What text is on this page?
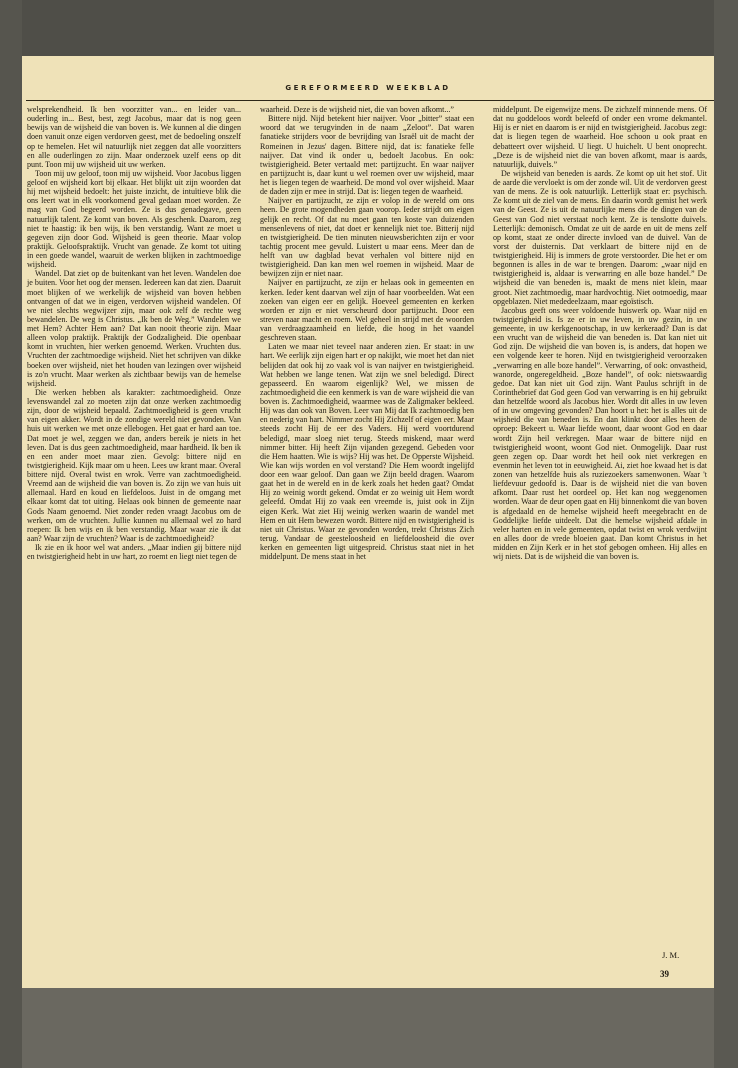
GEREFORMEERD WEEKBLAD

welsprekendheid. Ik ben voorzitter van... en leider van... ouderling in... Best, best, zegt Jacobus, maar dat is nog geen bewijs van de wijsheid die van boven is. We kunnen al die dingen doen vanuit onze eigen verdorven geest, met de bedoeling onszelf op te hemelen. Het wil natuurlijk niet zeggen dat alle voorzitters en alle ouderlingen zo zijn. Maar onderzoek uzelf eens op dit punt. Toon mij uw wijsheid uit uw werken.

Toon mij uw geloof, toon mij uw wijsheid. Voor Jacobus liggen geloof en wijsheid kort bij elkaar. Het blijkt uit zijn woorden dat hij met wijsheid bedoelt: het juiste inzicht, de intuïtieve blik die ons leert wat in elk voorkomend geval gedaan moet worden. Ze mag van God begeerd worden. Ze is dus genadegave, geen natuurlijk talent. Ze komt van boven. Als geschenk. Daarom, zeg niet te haastig: ik ben wijs, ik ben verstandig. Want ze moet u gegeven zijn door God. Wijsheid is geen theorie. Maar volop praktijk. Geloofspraktijk. Vrucht van genade. Ze komt tot uiting in een goede wandel, waaruit de werken blijken in zachtmoedige wijsheid.

Wandel. Dat ziet op de buitenkant van het leven. Wandelen doe je buiten. Voor het oog der mensen. Iedereen kan dat zien. Daaruit moet blijken of we werkelijk de wijsheid van boven hebben ontvangen of dat we in eigen, verdorven wijsheid wandelen. Of we niet slechts wegwijzer zijn, maar ook zelf de rechte weg bewandelen. De weg is Christus. „Ik ben de Weg.” Wandelen we met Hem? Achter Hem aan? Dat kan nooit theorie zijn. Maar alleen volop praktijk. Praktijk der Godzaligheid. Die openbaar komt in vruchten, hier werken genoemd. Werken. Vruchten dus. Vruchten der zachtmoedige wijsheid. Niet het schrijven van dikke boeken over wijsheid, niet het houden van lezingen over wijsheid is zo'n vrucht. Maar werken als zichtbaar bewijs van de hemelse wijsheid.

Die werken hebben als karakter: zachtmoedigheid. Onze levenswandel zal zo moeten zijn dat onze werken zachtmoedig zijn, door de wijsheid bepaald. Zachtmoedigheid is geen vrucht van eigen akker. Wordt in de zondige wereld niet gevonden. Van huis uit werken we met onze ellebogen. Het gaat er hard aan toe. Dat moet je wel, zeggen we dan, anders bereik je niets in het leven. Dat is dus geen zachtmoedigheid, maar hardheid. Ik ben ik en een ander moet maar zien. Gevolg: bittere nijd en twistgierigheid. Kijk maar om u heen. Lees uw krant maar. Overal bittere nijd. Overal twist en wrok. Verre van zachtmoedigheid. Vreemd aan de wijsheid die van boven is. Zo zijn we van huis uit allemaal. Hard en koud en liefdeloos. Juist in de omgang met elkaar komt dat tot uiting. Helaas ook binnen de gemeente naar Gods Naam genoemd. Niet zonder reden vraagt Jacobus om de werken, om de vruchten. Jullie kunnen nu allemaal wel zo hard roepen: Ik ben wijs en ik ben verstandig. Maar waar zie ik dat aan? Waar zijn de vruchten? Waar is de zachtmoedigheid?

Ik zie en ik hoor wel wat anders. „Maar indien gij bittere nijd en twistgierigheid hebt in uw hart, zo roemt en liegt niet tegen de

waarheid. Deze is de wijsheid niet, die van boven afkomt...”

Bittere nijd. Nijd betekent hier naijver. Voor „bitter” staat een woord dat we terugvinden in de naam „Zeloot”. Dat waren fanatieke strijders voor de bevrijding van Israël uit de macht der Romeinen in Jezus' dagen. Bittere nijd, dat is: fanatieke felle naijver. Dat vind ik onder u, bedoelt Jacobus. En ook: twistgierigheid. Beter vertaald met: partijzucht. En waar naijver en partijzucht is, daar kunt u wel roemen over uw wijsheid, maar het is liegen tegen de waarheid. De mond vol over wijsheid. Maar de daden zijn er mee in strijd. Dat is: liegen tegen de waarheid.

Naijver en partijzucht, ze zijn er volop in de wereld om ons heen. De grote mogendheden gaan voorop. Ieder strijdt om eigen gelijk en recht. Of dat nu moet gaan ten koste van duizenden mensenlevens of niet, dat doet er kennelijk niet toe. Bitterij nijd en twistgierigheid. De tien minuten nieuwsberichten zijn er voor tachtig procent mee gevuld. Luistert u maar eens. Meer dan de helft van uw dagblad bevat verhalen vol bittere nijd en twistgierigheid. Dan kan men wel roemen in wijsheid. Maar de bewijzen zijn er niet naar.

Naijver en partijzucht, ze zijn er helaas ook in gemeenten en kerken. Ieder kent daarvan wel zijn of haar voorbeelden. Wat een zoeken van eigen eer en gelijk. Hoeveel gemeenten en kerken worden er zijn er niet verscheurd door partijzucht. Door een streven naar macht en roem. Wel geheel in strijd met de woorden van verdraagzaamheid en liefde, die hoog in het vaandel geschreven staan.

Laten we maar niet teveel naar anderen zien. Er staat: in uw hart. We eerlijk zijn eigen hart er op nakijkt, wie moet het dan niet belijden dat ook hij zo vaak vol is van naijver en twistgierigheid. Wat hebben we lange tenen. Wat zijn we snel beledigd. Direct gepasseerd. En waarom eigenlijk? Wel, we missen de zachtmoedigheid die een kenmerk is van de ware wijsheid die van boven is. Zachtmoedigheid, waarmee was de Zaligmaker bekleed. Hij was dan ook van Boven. Leer van Mij dat Ik zachtmoedig ben en nederig van hart. Nimmer zocht Hij Zichzelf of eigen eer. Maar steeds zocht Hij de eer des Vaders. Hij werd voortdurend beledigd, maar sloeg niet terug. Steeds miskend, maar werd nimmer bitter. Hij heeft Zijn vijanden gezegend. Gebeden voor die Hem haatten. Wie is wijs? Hij was het. De Opperste Wijsheid. Wie kan wijs worden en vol verstand? Die Hem woordt ingelijfd door een waar geloof. Dan gaan we Zijn beeld dragen. Waarom gaat het in de wereld en in de kerk zoals het heden gaat? Omdat Hij zo weinig wordt gekend. Omdat er zo weinig uit Hem wordt geleefd. Omdat Hij zo vaak een vreemde is, juist ook in Zijn eigen Kerk. Wat ziet Hij weinig werken waarin de wandel met Hem en uit Hem bewezen wordt. Bittere nijd en twistgierigheid is niet uit Christus. Waar ze gevonden worden, trekt Christus Zich terug. Vandaar de geesteloosheid en liefdeloosheid die over kerken en gemeenten ligt uitgespreid. Christus staat niet in het middelpunt. De mens staat in het

middelpunt. De eigenwijze mens. De zichzelf minnende mens. Of dat nu goddeloos wordt beleefd of onder een vrome dekmantel. Hij is er niet en daarom is er nijd en twistgierigheid. Jacobus zegt: dat is liegen tegen de waarheid. Hoe schoon u ook praat en debatteert over wijsheid. U liegt. U huichelt. U bent onoprecht. „Deze is de wijsheid niet die van boven afkomt, maar is aards, natuurlijk, duivels.”

De wijsheid van beneden is aards. Ze komt op uit het stof. Uit de aarde die vervloekt is om der zonde wil. Uit de verdorven geest van de mens. Ze is ook natuurlijk. Letterlijk staat er: psychisch. Ze komt uit de ziel van de mens. En daarin wordt gemist het werk van de Geest. Ze is uit de natuurlijke mens die de dingen van de Geest van God niet verstaat noch kent. Ze is tenslotte duivels. Letterlijk: demonisch. Omdat ze uit de aarde en uit de mens zelf op komt, staat ze onder directe invloed van de duivel. Van de vorst der duisternis. Dat verklaart de bittere nijd en de twistgierigheid. Hij is immers de grote verstoorder. Die het er om begonnen is alles in de war te brengen. Daarom: „waar nijd en twistgierigheid is, aldaar is verwarring en alle boze handel.” De wijsheid die van beneden is, maakt de mens niet klein, maar groot. Niet zachtmoedig, maar hardvochtig. Niet ootmoedig, maar opgeblazen. Niet mededeelzaam, maar egoïstisch.

Jacobus geeft ons weer voldoende huiswerk op. Waar nijd en twistgierigheid is. Is ze er in uw leven, in uw gezin, in uw gemeente, in uw kerkgenootschap, in uw kerkeraad? Dan is dat een vrucht van de wijsheid die van beneden is. Dat kan niet uit God zijn. De wijsheid die van boven is, is anders, dat hopen we een volgende keer te horen. Nijd en twistgierigheid veroorzaken „verwarring en alle boze handel”. Verwarring, of ook: onvastheid, wanorde, ongeregeldheid. „Boze handel”, of ook: nietswaardig gedoe. Dat kan niet uit God zijn. Want Paulus schrijft in de Corinthebrief dat God geen God van verwarring is en hij gebruikt dan hetzelfde woord als Jacobus hier. Wordt dit alles in uw leven of in uw omgeving gevonden? Dan hoort u het: het is alles uit de wijsheid die van beneden is. En dan klinkt door alles heen de oproep: Bekeert u. Waar liefde woont, daar woont God en daar wordt Zijn heil verkregen. Maar waar de bittere nijd en twistgierigheid woont, woont God niet. Onmogelijk. Daar rust geen zegen op. Daar wordt het heil ook niet verkregen en evenmin het leven tot in eeuwigheid. Ai, ziet hoe kwaad het is dat zonen van hetzelfde huis als ruziezoekers samenwonen. Waar 't liefdevuur gedoofd is. Daar is de wijsheid niet die van boven afkomt. Daar rust het oordeel op. Het kan nog weggenomen worden. Waar de deur open gaat en Hij binnenkomt die van boven is afgedaald en de hemelse wijsheid heeft meegebracht en de Goddelijke liefde uitdeelt. Dat die hemelse wijsheid afdale in veler harten en in vele gemeenten, opdat twist en wrok verdwijnt en alles door de vrede bloeien gaat. Dan komt Christus in het midden en Zijn Kerk er in het stof gebogen omheen. Hij alles en wij niets. Dat is de wijsheid die van boven is.

J. M.
39
